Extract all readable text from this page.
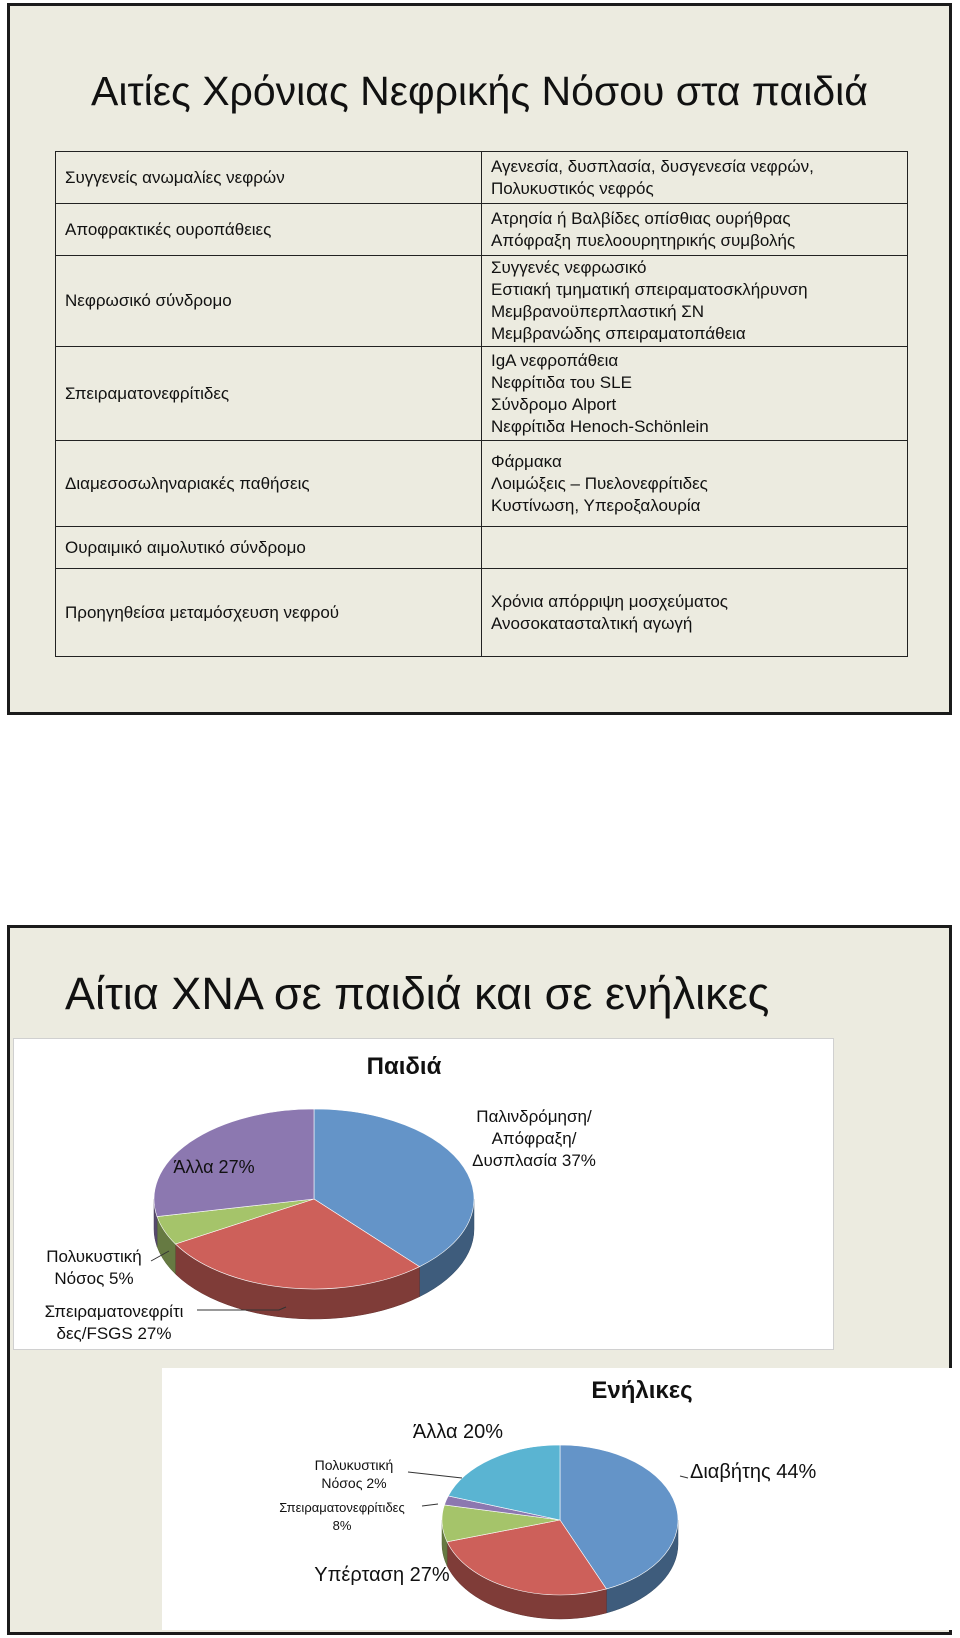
Αιτίες Χρόνιας Νεφρικής Νόσου στα παιδιά
Συγγενείς ανωμαλίες νεφρών	Αγενεσία, δυσπλασία, δυσγενεσία νεφρών,
Πολυκυστικός νεφρός

Αποφρακτικές ουροπάθειες	Ατρησία ή Βαλβίδες οπίσθιας ουρήθρας
Απόφραξη πυελοουρητηρικής συμβολής

Νεφρωσικό σύνδρομο	Συγγενές νεφρωσικό
Εστιακή τμηματική σπειραματοσκλήρυνση
Μεμβρανοϋπερπλαστική ΣΝ
Μεμβρανώδης σπειραματοπάθεια

Σπειραματονεφρίτιδες	IgA νεφροπάθεια
Νεφρίτιδα του SLE
Σύνδρομο Alport
Νεφρίτιδα Henoch-Schönlein

Διαμεσοσωληναριακές παθήσεις	Φάρμακα
Λοιμώξεις – Πυελονεφρίτιδες
Κυστίνωση, Υπεροξαλουρία

Ουραιμικό αιμολυτικό σύνδρομο	
Προηγηθείσα μεταμόσχευση νεφρού	Χρόνια απόρριψη μοσχεύματος
Ανοσοκατασταλτική αγωγή
Αίτια ΧΝΑ σε παιδιά και σε ενήλικες
Παιδιά
Παλινδρόμηση/
Απόφραξη/
Δυσπλασία 37%
Σπειραματονεφρίτι
δες/FSGS 27%
Πολυκυστική
Νόσος 5%
Άλλα 27%
Ενήλικες
Διαβήτης 44%
Υπέρταση 27%
Σπειραματονεφρίτιδες
8%
Πολυκυστική
Νόσος 2%
Άλλα 20%
